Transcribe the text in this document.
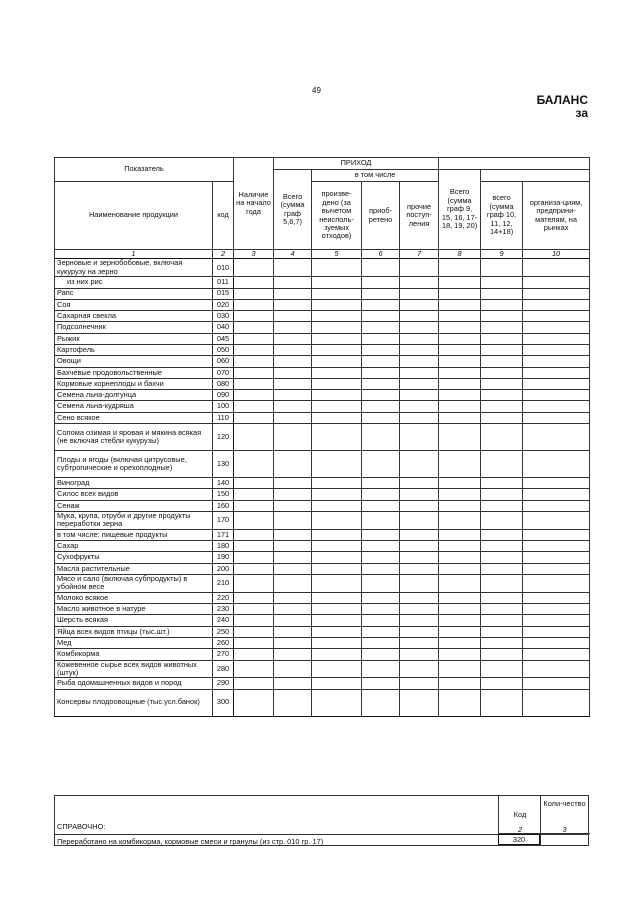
49
БАЛАНС
за
Показатель		Наличие на начало года	ПРИХОД						
			Всего (сумма граф 5,6,7)	в том числе			Всего (сумма граф 9, 15, 16, 17-18, 19, 20)		
Наименование продукции	код			произве-дено (за вычетом неисполь-зуемых отходов)	приоб-ретено	прочие поступ-ления		всего (сумма граф 10, 11, 12, 14+18)	организа-циям, предприни-мателям, на рынках
1	2	3	4	5	6	7	8	9	10
Зерновые и зернобобовые, включая кукурузу на зерно	010								
из них рис	011								
Рапс	015								
Соя	020								
Сахарная свекла	030								
Подсолнечник	040								
Рыжик	045								
Картофель	050								
Овощи	060								
Бахчевые продовольственные	070								
Кормовые корнеплоды и бахчи	080								
Семена льна-долгунца	090								
Семена льна-кудряша	100								
Сено всякое	110								
Солома озимая и яровая и мякина всякая (не включая стебли кукурузы)	120								
Плоды и ягоды (включая цитрусовые, субтропические и орехоплодные)	130								
Виноград	140								
Силос всех видов	150								
Сенаж	160								
Мука, крупа, отруби и другие продукты переработки зерна	170								
в том числе: пищевые продукты	171								
Сахар	180								
Сухофрукты	190								
Масла растительные	200								
Мясо и сало (включая субпродукты) в убойном весе	210								
Молоко всякое	220								
Масло животное в натуре	230								
Шерсть всякая	240								
Яйца всех видов птицы (тыс.шт.)	250								
Мед	260								
Комбикорма	270								
Кожевенное сырье всех видов животных (штук)	280								
Рыба одомашненных видов и пород	290								
Консервы плодоовощные (тыс.усл.банок)	300								
СПРАВОЧНО:
Код
Коли-чество
2	3
Переработано на комбикорма, кормовые смеси и гранулы (из стр. 010 гр. 17)	320
